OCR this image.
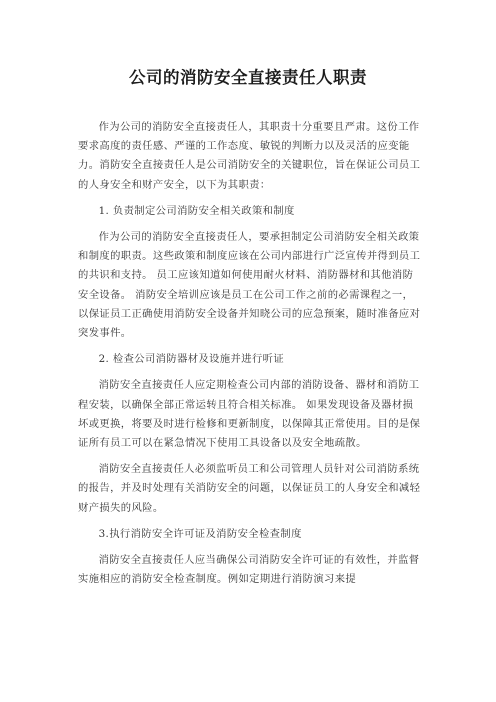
公司的消防安全直接责任人职责

作为公司的消防安全直接责任人，其职责十分重要且严肃。这份工作要求高度的责任感、严谨的工作态度、敏锐的判断力以及灵活的应变能力。消防安全直接责任人是公司消防安全的关键职位，旨在保证公司员工的人身安全和财产安全，以下为其职责：

1. 负责制定公司消防安全相关政策和制度

作为公司的消防安全直接责任人，要承担制定公司消防安全相关政策和制度的职责。这些政策和制度应该在公司内部进行广泛宣传并得到员工的共识和支持。 员工应该知道如何使用耐火材料、消防器材和其他消防安全设备。 消防安全培训应该是员工在公司工作之前的必需课程之一，以保证员工正确使用消防安全设备并知晓公司的应急预案，随时准备应对突发事件。

2. 检查公司消防器材及设施并进行听证

消防安全直接责任人应定期检查公司内部的消防设备、器材和消防工程安装，以确保全部正常运转且符合相关标准。 如果发现设备及器材损坏或更换，将要及时进行检修和更新制度，以保障其正常使用。目的是保证所有员工可以在紧急情况下使用工具设备以及安全地疏散。

消防安全直接责任人必须监听员工和公司管理人员针对公司消防系统的报告，并及时处理有关消防安全的问题，以保证员工的人身安全和减轻财产损失的风险。

3.执行消防安全许可证及消防安全检查制度

消防安全直接责任人应当确保公司消防安全许可证的有效性，并监督实施相应的消防安全检查制度。例如定期进行消防演习来提
